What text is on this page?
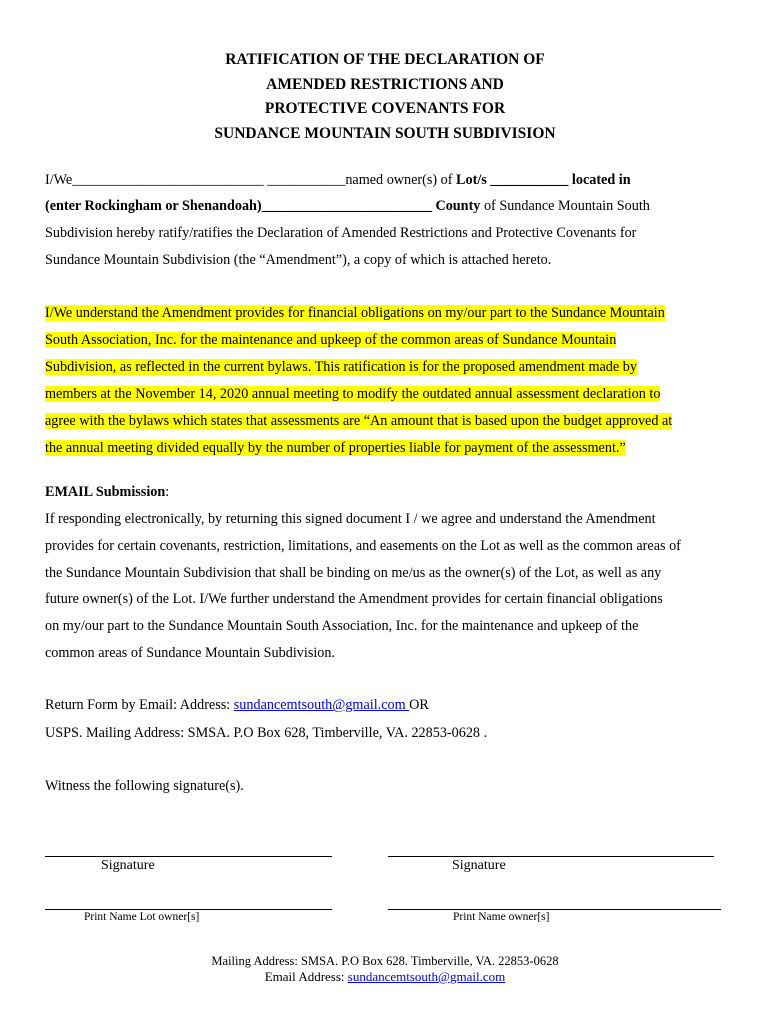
RATIFICATION OF THE DECLARATION OF
AMENDED RESTRICTIONS AND
PROTECTIVE COVENANTS FOR
SUNDANCE MOUNTAIN SOUTH SUBDIVISION
I/We___________________________ ___________named owner(s) of Lot/s ___________ located in
(enter Rockingham or Shenandoah)________________________ County of Sundance Mountain South
Subdivision hereby ratify/ratifies the Declaration of Amended Restrictions and Protective Covenants for
Sundance Mountain Subdivision (the “Amendment”), a copy of which is attached hereto.
I/We understand the Amendment provides for financial obligations on my/our part to the Sundance Mountain
South Association, Inc. for the maintenance and upkeep of the common areas of Sundance Mountain
Subdivision, as reflected in the current bylaws. This ratification is for the proposed amendment made by
members at the November 14, 2020 annual meeting to modify the outdated annual assessment declaration to
agree with the bylaws which states that assessments are “An amount that is based upon the budget approved at
the annual meeting divided equally by the number of properties liable for payment of the assessment.”
EMAIL Submission:
If responding electronically, by returning this signed document I / we agree and understand the Amendment
provides for certain covenants, restriction, limitations, and easements on the Lot as well as the common areas of
the Sundance Mountain Subdivision that shall be binding on me/us as the owner(s) of the Lot, as well as any
future owner(s) of the Lot. I/We further understand the Amendment provides for certain financial obligations
on my/our part to the Sundance Mountain South Association, Inc. for the maintenance and upkeep of the
common areas of Sundance Mountain Subdivision.
Return Form by Email: Address: sundancemtsouth@gmail.com OR
USPS. Mailing Address: SMSA. P.O Box 628, Timberville, VA. 22853-0628 .
Witness the following signature(s).
Signature	Signature
Print Name Lot owner[s]	Print Name owner[s]
Mailing Address: SMSA. P.O Box 628. Timberville, VA. 22853-0628
Email Address: sundancemtsouth@gmail.com
